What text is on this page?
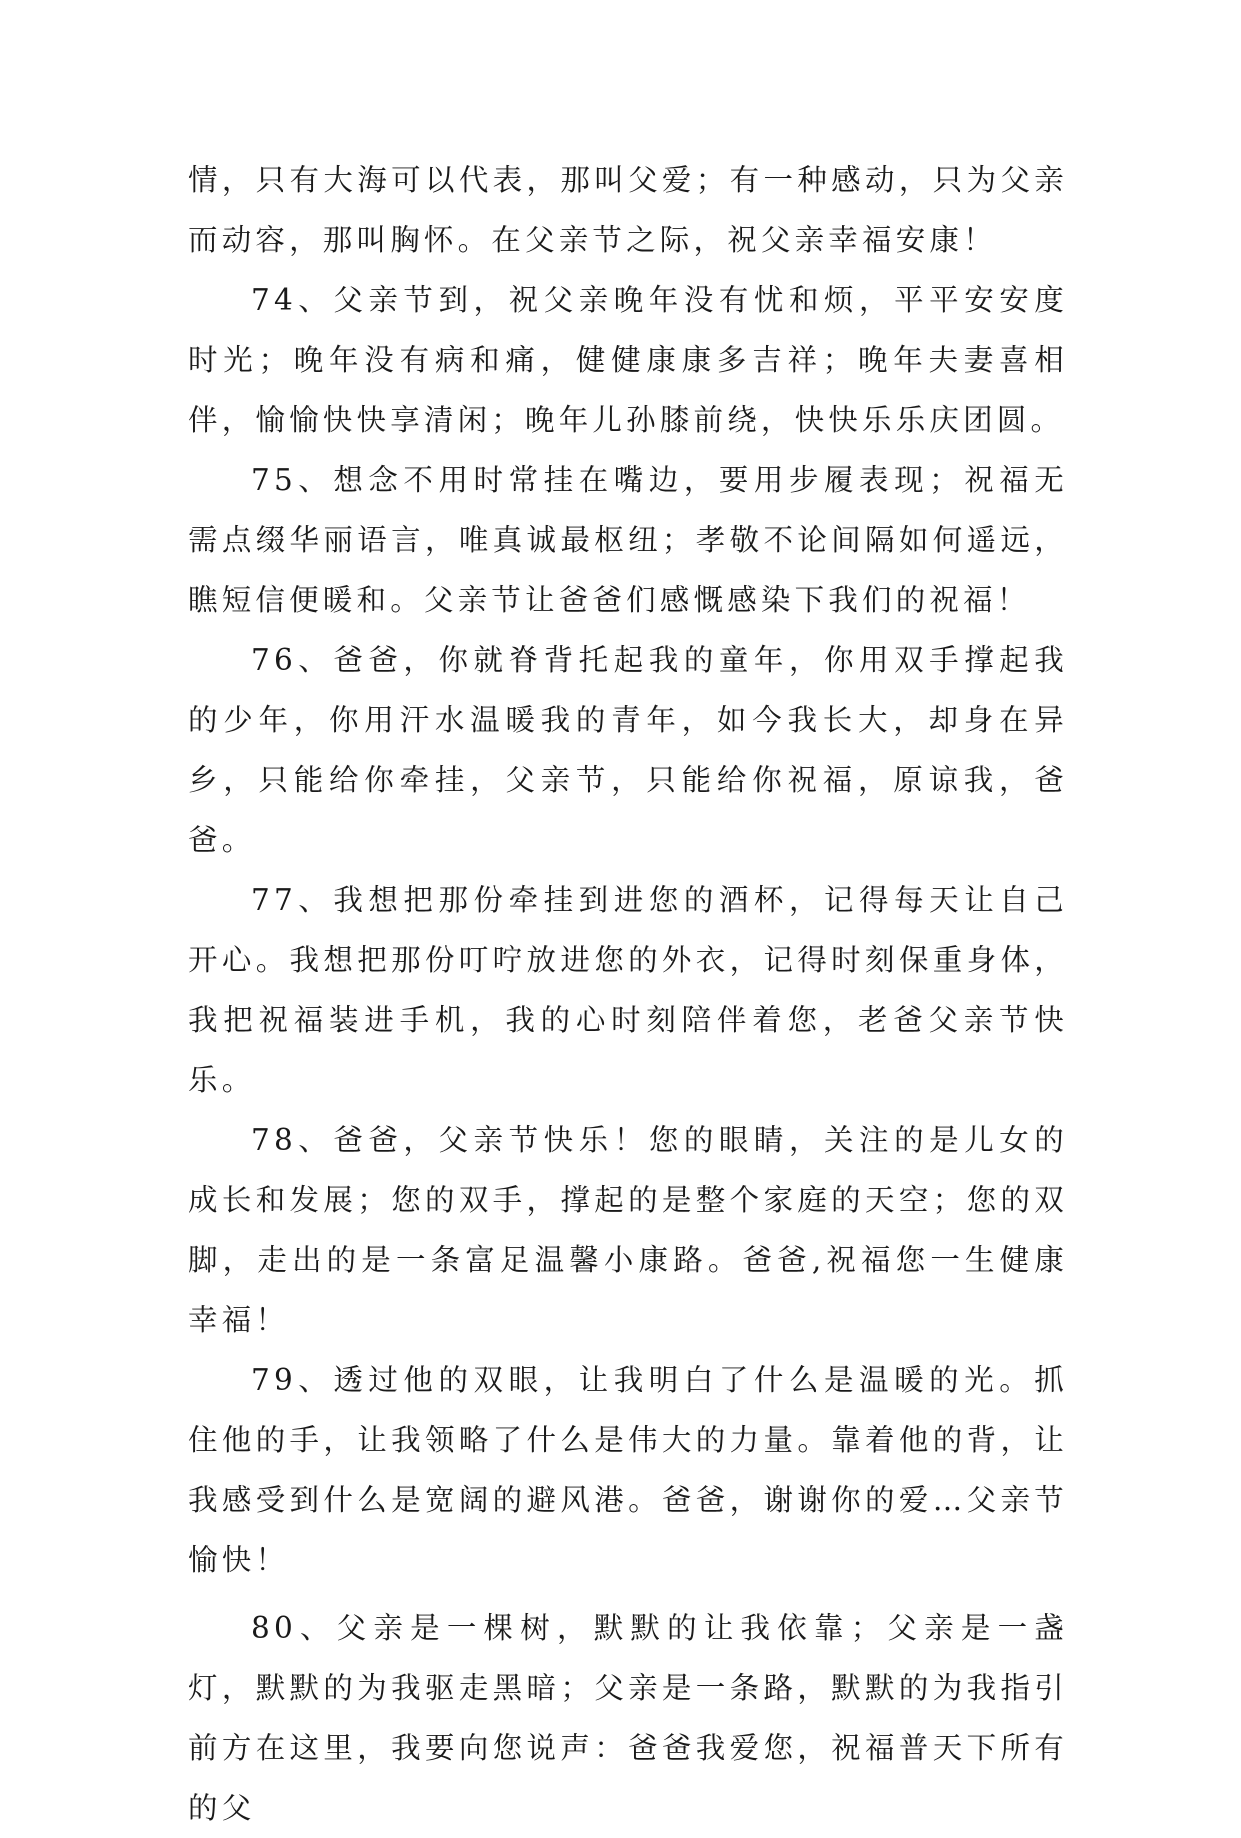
情，只有大海可以代表，那叫父爱；有一种感动，只为父亲而动容，那叫胸怀。在父亲节之际，祝父亲幸福安康！

74、父亲节到，祝父亲晚年没有忧和烦，平平安安度时光；晚年没有病和痛，健健康康多吉祥；晚年夫妻喜相伴，愉愉快快享清闲；晚年儿孙膝前绕，快快乐乐庆团圆。

75、想念不用时常挂在嘴边，要用步履表现；祝福无需点缀华丽语言，唯真诚最枢纽；孝敬不论间隔如何遥远，瞧短信便暖和。父亲节让爸爸们感慨感染下我们的祝福！

76、爸爸，你就脊背托起我的童年，你用双手撑起我的少年，你用汗水温暖我的青年，如今我长大，却身在异乡，只能给你牵挂，父亲节，只能给你祝福，原谅我，爸爸。

77、我想把那份牵挂到进您的酒杯，记得每天让自己开心。我想把那份叮咛放进您的外衣，记得时刻保重身体，我把祝福装进手机，我的心时刻陪伴着您，老爸父亲节快乐。

78、爸爸，父亲节快乐！您的眼睛，关注的是儿女的成长和发展；您的双手，撑起的是整个家庭的天空；您的双脚，走出的是一条富足温馨小康路。爸爸,祝福您一生健康幸福！

79、透过他的双眼，让我明白了什么是温暖的光。抓住他的手，让我领略了什么是伟大的力量。靠着他的背，让我感受到什么是宽阔的避风港。爸爸，谢谢你的爱…父亲节愉快！

80、父亲是一棵树，默默的让我依靠；父亲是一盏灯，默默的为我驱走黑暗；父亲是一条路，默默的为我指引前方在这里，我要向您说声：爸爸我爱您，祝福普天下所有的父
